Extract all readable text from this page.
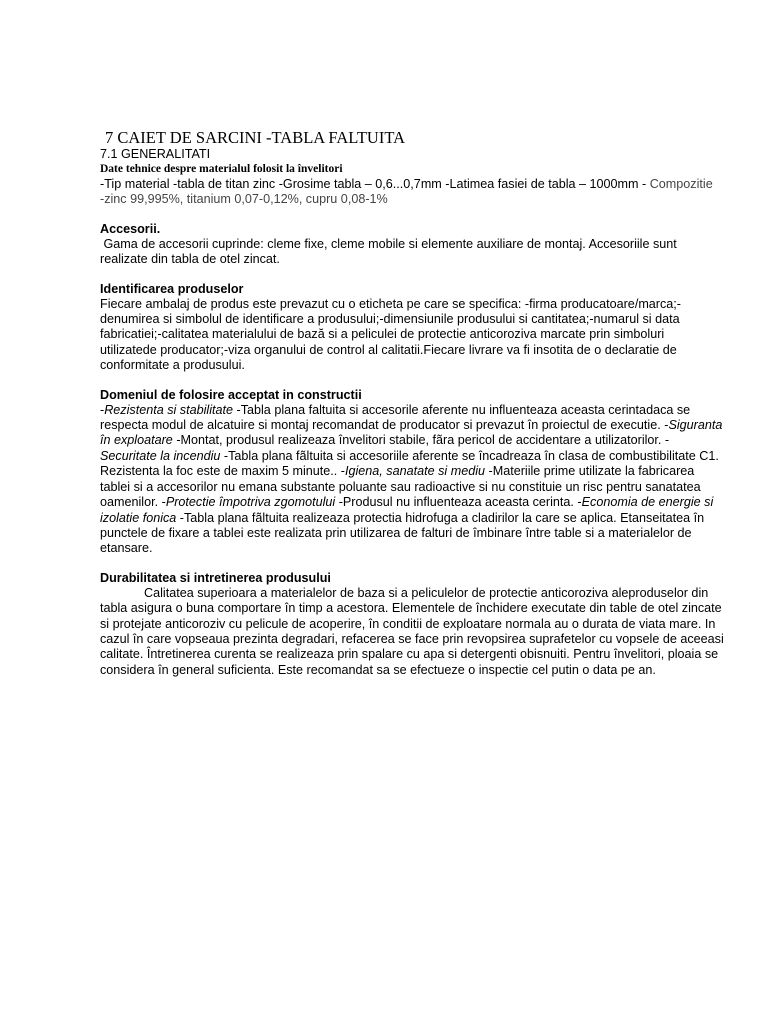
7 CAIET DE SARCINI -TABLA FALTUITA
7.1 GENERALITATI
Date tehnice despre materialul folosit la învelitori

-Tip material -tabla de titan zinc -Grosime tabla – 0,6...0,7mm -Latimea fasiei de tabla – 1000mm - Compozitie
-zinc 99,995%, titanium 0,07-0,12%, cupru 0,08-1%

Accesorii.

Gama de accesorii cuprinde: cleme fixe, cleme mobile si elemente auxiliare de montaj. Accesoriile sunt realizate din tabla de otel zincat.

Identificarea produselor

Fiecare ambalaj de produs este prevazut cu o eticheta pe care se specifica: -firma producatoare/marca;-denumirea si simbolul de identificare a produsului;-dimensiunile produsului si cantitatea;-numarul si data fabricatiei;-calitatea materialului de bază si a peliculei de protectie anticoroziva marcate prin simboluri utilizatede producator;-viza organului de control al calitatii.Fiecare livrare va fi insotita de o declaratie de conformitate a produsului.

Domeniul de folosire acceptat in constructii

-Rezistenta si stabilitate -Tabla plana faltuita si accesorile aferente nu influenteaza aceasta cerintadaca se respecta modul de alcatuire si montaj recomandat de producator si prevazut în proiectul de executie. -Siguranta în exploatare -Montat, produsul realizeaza învelitori stabile, fãra pericol de accidentare a utilizatorilor. -Securitate la incendiu -Tabla plana fãltuita si accesoriile aferente se încadreaza în clasa de combustibilitate C1. Rezistenta la foc este de maxim 5 minute.. -Igiena, sanatate si mediu -Materiile prime utilizate la fabricarea tablei si a accesorilor nu emana substante poluante sau radioactive si nu constituie un risc pentru sanatatea oamenilor. -Protectie împotriva zgomotului -Produsul nu influenteaza aceasta cerinta. -Economia de energie si izolatie fonica -Tabla plana fãltuita realizeaza protectia hidrofuga a cladirilor la care se aplica. Etanseitatea în punctele de fixare a tablei este realizata prin utilizarea de falturi de îmbinare între table si a materialelor de etansare.

Durabilitatea si intretinerea produsului

Calitatea superioara a materialelor de baza si a peliculelor de protectie anticoroziva aleproduselor din tabla asigura o buna comportare în timp a acestora. Elementele de închidere executate din table de otel zincate si protejate anticoroziv cu pelicule de acoperire, în conditii de exploatare normala au o durata de viata mare. In cazul în care vopseaua prezinta degradari, refacerea se face prin revopsirea suprafetelor cu vopsele de aceeasi calitate. Întretinerea curenta se realizeaza prin spalare cu apa si detergenti obisnuiti. Pentru învelitori, ploaia se considera în general suficienta. Este recomandat sa se efectueze o inspectie cel putin o data pe an.
